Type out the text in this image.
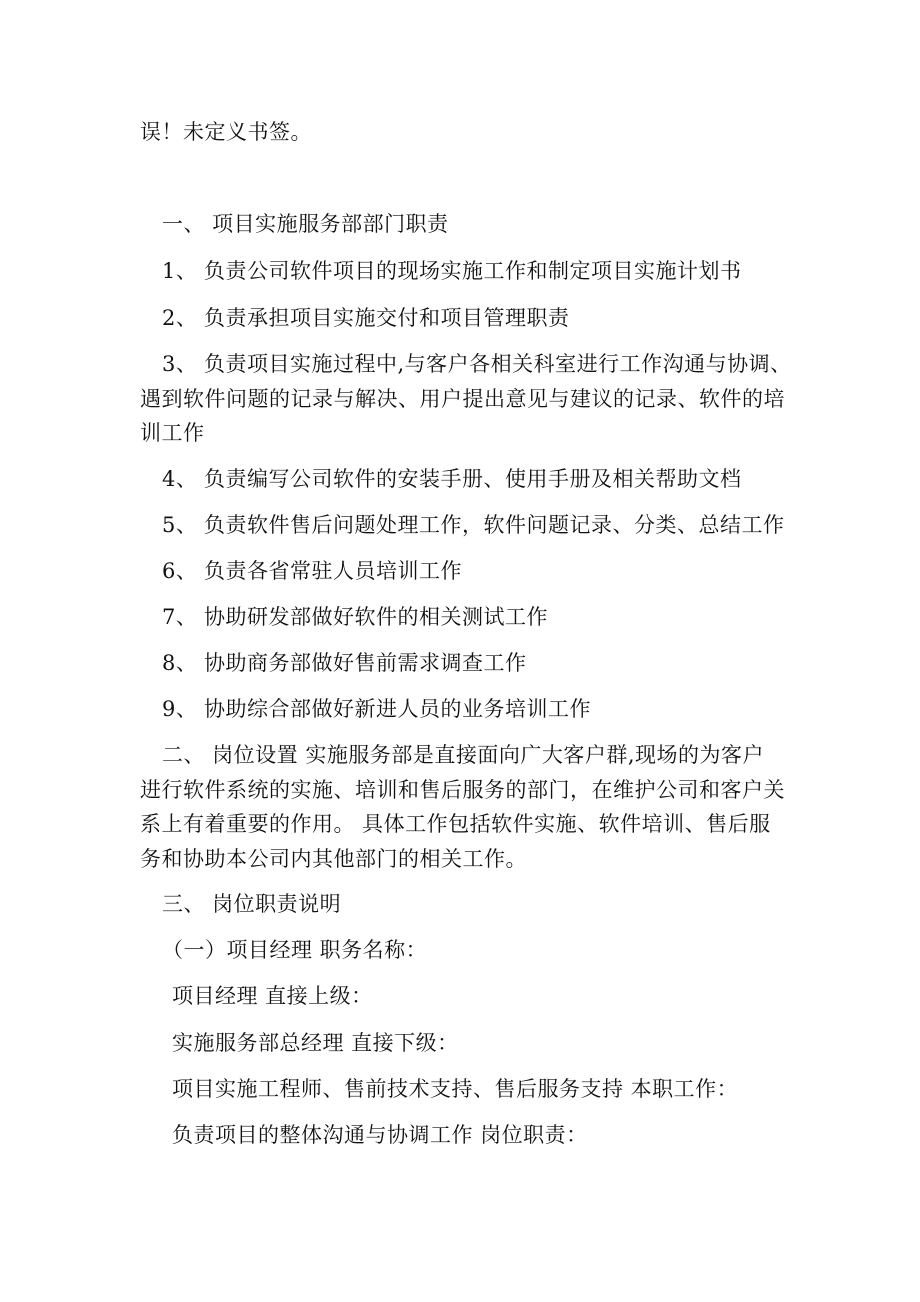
误！未定义书签。
一、 项目实施服务部部门职责
1、 负责公司软件项目的现场实施工作和制定项目实施计划书
2、 负责承担项目实施交付和项目管理职责
3、 负责项目实施过程中,与客户各相关科室进行工作沟通与协调、
遇到软件问题的记录与解决、用户提出意见与建议的记录、软件的培
训工作
4、 负责编写公司软件的安装手册、使用手册及相关帮助文档
5、 负责软件售后问题处理工作，软件问题记录、分类、总结工作
6、 负责各省常驻人员培训工作
7、 协助研发部做好软件的相关测试工作
8、 协助商务部做好售前需求调查工作
9、 协助综合部做好新进人员的业务培训工作
二、 岗位设置 实施服务部是直接面向广大客户群,现场的为客户
进行软件系统的实施、培训和售后服务的部门，在维护公司和客户关
系上有着重要的作用。 具体工作包括软件实施、软件培训、售后服
务和协助本公司内其他部门的相关工作。
三、 岗位职责说明
（一）项目经理 职务名称：
项目经理 直接上级：
实施服务部总经理 直接下级：
项目实施工程师、售前技术支持、售后服务支持 本职工作：
负责项目的整体沟通与协调工作 岗位职责：
